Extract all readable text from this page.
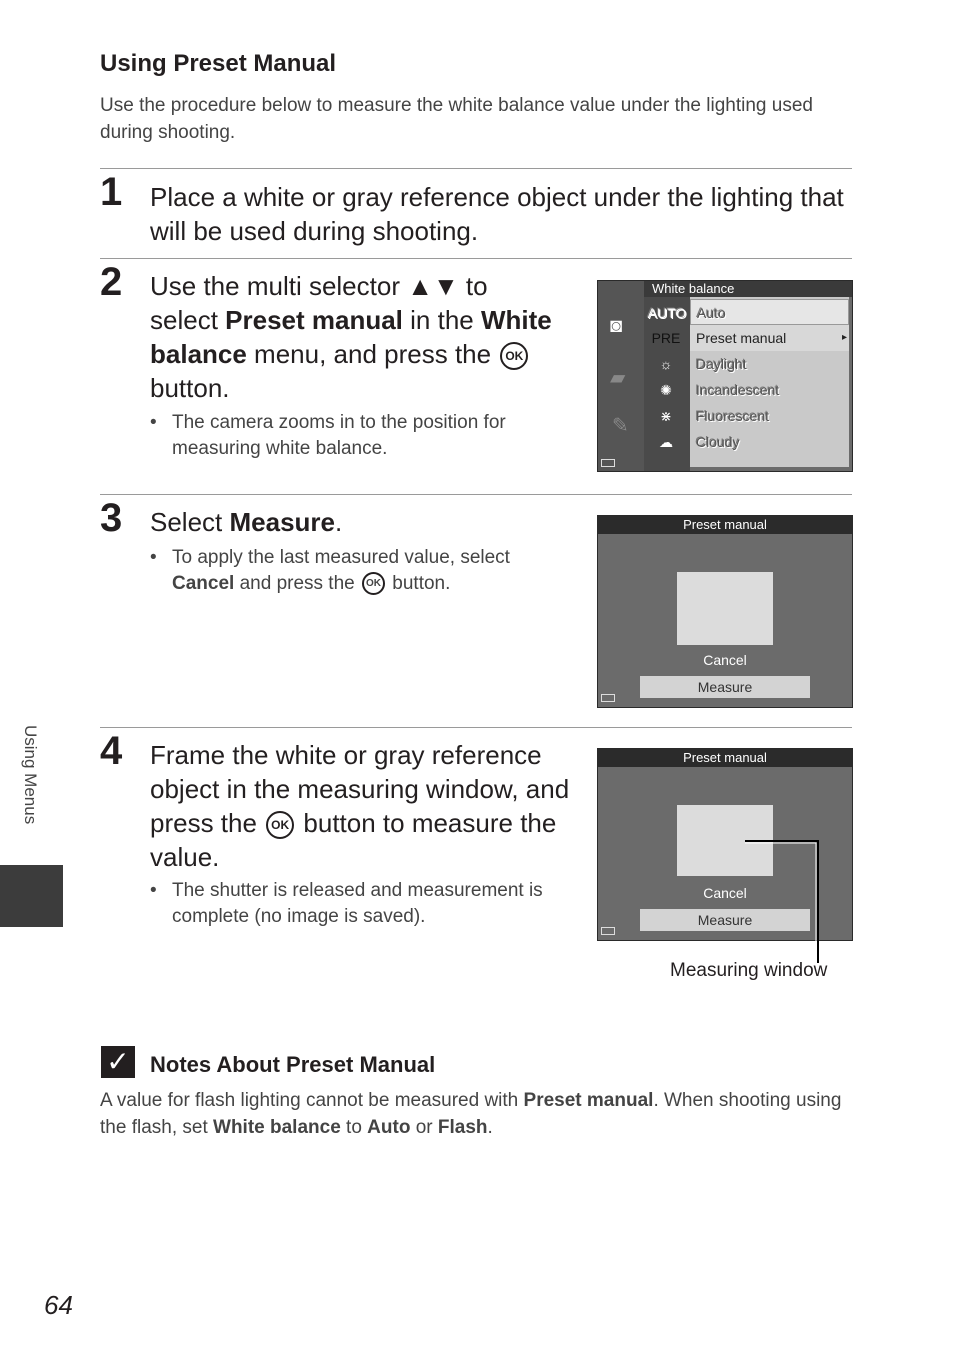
Using Preset Manual
Use the procedure below to measure the white balance value under the lighting used during shooting.
1 Place a white or gray reference object under the lighting that will be used during shooting.
2 Use the multi selector ▲▼ to select Preset manual in the White balance menu, and press the OK button.
• The camera zooms in to the position for measuring white balance.
◙
▰
✎
White balance
AUTO Auto
PRE	Preset manual	▸
☼	Daylight
✺	Incandescent
⋇	Fluorescent
☁	Cloudy
3 Select Measure.
• To apply the last measured value, select Cancel and press the OK button.
Preset manual
Cancel
Measure
4 Frame the white or gray reference object in the measuring window, and press the OK button to measure the value.
• The shutter is released and measurement is complete (no image is saved).
Preset manual
Cancel
Measure
Measuring window
✓ Notes About Preset Manual
A value for flash lighting cannot be measured with Preset manual. When shooting using the flash, set White balance to Auto or Flash.
Using Menus
64
